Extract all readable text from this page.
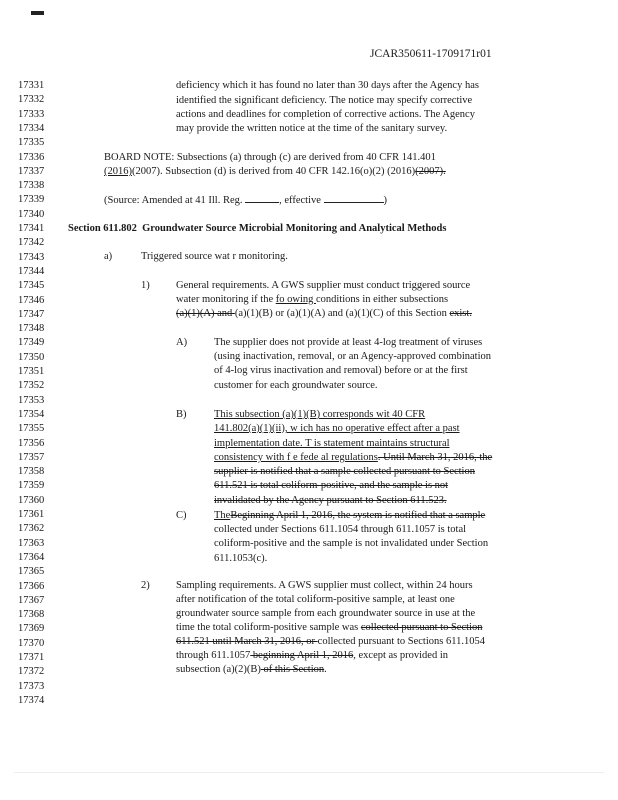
JCAR350611-1709171r01
17331
17332
17333
17334
17335
17336
17337
17338
17339
17340
17341
17342
17343
17344
17345
17346
17347
17348
17349
17350
17351
17352
17353
17354
17355
17356
17357
17358
17359
17360
17361
17362
17363
17364
17365
17366
17367
17368
17369
17370
17371
17372
17373
17374
deficiency which it has found no later than 30 days after the Agency has
identified the significant deficiency. The notice may specify corrective
actions and deadlines for completion of corrective actions. The Agency
may provide the written notice at the time of the sanitary survey.
BOARD NOTE: Subsections (a) through (c) are derived from 40 CFR 141.401
(2016)(2007). Subsection (d) is derived from 40 CFR 142.16(o)(2) (2016)(2007).
(Source: Amended at 41 Ill. Reg.	, effective	)
Section 611.802 Groundwater Source Microbial Monitoring and Analytical Methods
a)	Triggered source wat r monitoring.
1)	General requirements. A GWS supplier must conduct triggered source
water monitoring if the fo owing conditions in either subsections
(a)(1)(A) and (a)(1)(B) or (a)(1)(A) and (a)(1)(C) of this Section exist.
A)	The supplier does not provide at least 4-log treatment of viruses
(using inactivation, removal, or an Agency-approved combination
of 4-log virus inactivation and removal) before or at the first
customer for each groundwater source.
B)	This subsection (a)(1)(B) corresponds wit 40 CFR
141.802(a)(1)(ii), w ich has no operative effect after a past
implementation date. T is statement maintains structural
consistency with f e fede al regulations. Until March 31, 2016, the
supplier is notified that a sample collected pursuant to Section
611.521 is total coliform-positive, and the sample is not
invalidated by the Agency pursuant to Section 611.523.
C)	TheBeginning April 1, 2016, the system is notified that a sample
collected under Sections 611.1054 through 611.1057 is total
coliform-positive and the sample is not invalidated under Section
611.1053(c).
2)	Sampling requirements. A GWS supplier must collect, within 24 hours
after notification of the total coliform-positive sample, at least one
groundwater source sample from each groundwater source in use at the
time the total coliform-positive sample was collected pursuant to Section
611.521 until March 31, 2016, or collected pursuant to Sections 611.1054
through 611.1057 beginning April 1, 2016, except as provided in
subsection (a)(2)(B) of this Section.
